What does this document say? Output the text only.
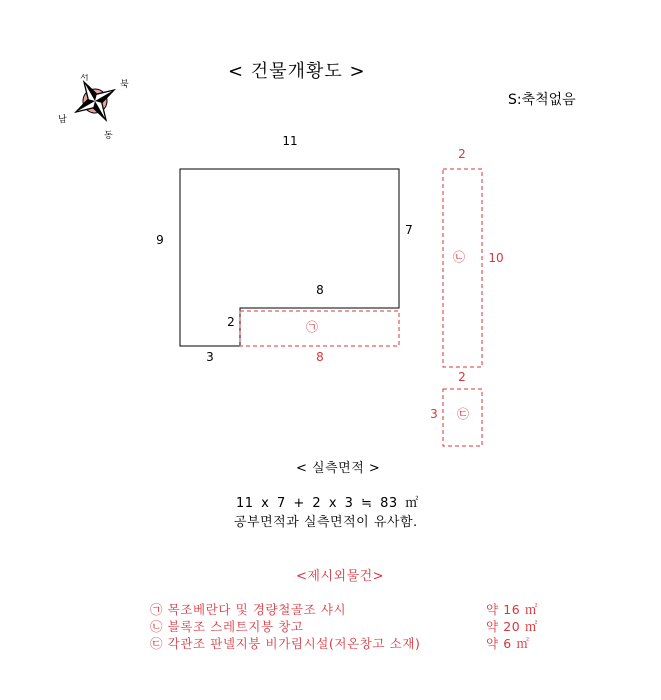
< 건물개황도 >
S:축척없음
서
북
남
동	11
9
7
8
2
3
㉠
8
2
㉡ 10
2
㉢
3
< 실측면적 >
11 x 7 + 2 x 3 ≒ 83 ㎡
공부면적과 실측면적이 유사함.
<제시외물건>
㉠ 목조베란다 및 경량철골조 샤시	약 16 ㎡
㉡ 블록조 스레트지붕 창고	약 20 ㎡
㉢ 각관조 판넬지붕 비가림시설(저온창고 소재)	약 6 ㎡
